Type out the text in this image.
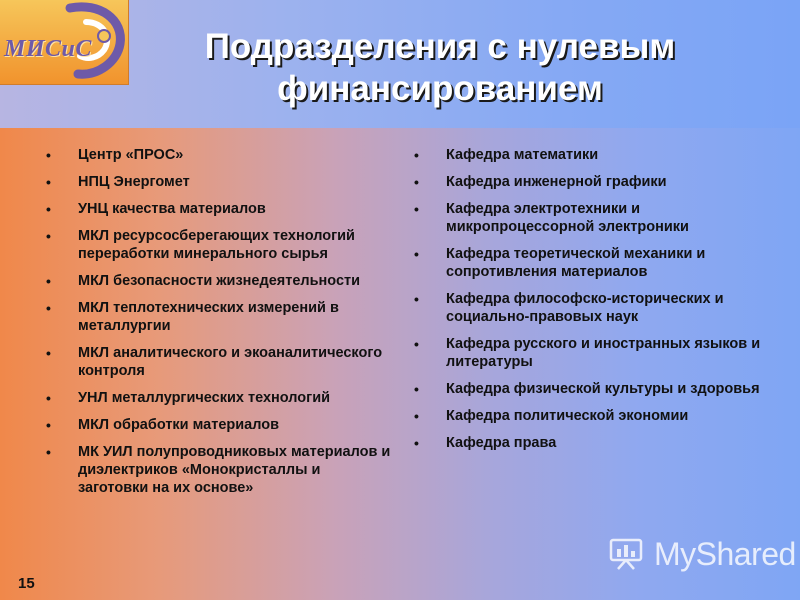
МИСиС	Подразделения с нулевым
финансированием
• Центр «ПРОС»
• НПЦ Энергомет
• УНЦ качества материалов
• МКЛ ресурсосберегающих технологий переработки минерального сырья
• МКЛ безопасности жизнедеятельности
• МКЛ теплотехнических измерений в металлургии
• МКЛ аналитического и экоаналитического контроля
• УНЛ металлургических технологий
• МКЛ обработки материалов
• МК УИЛ полупроводниковых материалов и диэлектриков «Монокристаллы и заготовки на их основе»
• Кафедра математики
• Кафедра инженерной графики
• Кафедра электротехники и микропроцессорной электроники
• Кафедра теоретической механики и сопротивления материалов
• Кафедра философско-исторических и социально-правовых наук
• Кафедра русского и иностранных языков и литературы
• Кафедра физической культуры и здоровья
• Кафедра политической экономии
• Кафедра права
15
MyShared
